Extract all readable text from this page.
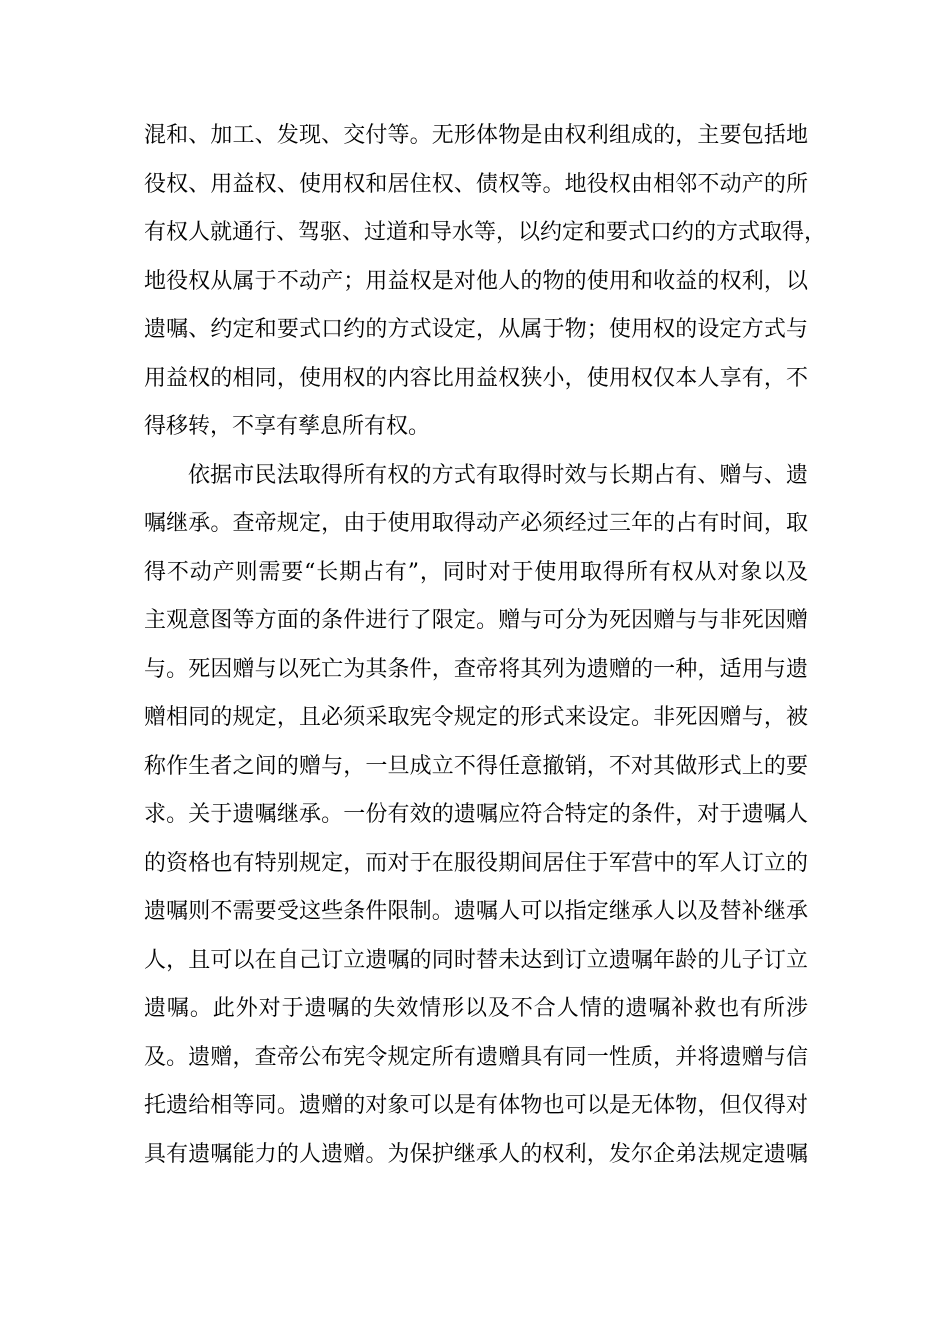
混和、加工、发现、交付等。无形体物是由权利组成的，主要包括地
役权、用益权、使用权和居住权、债权等。地役权由相邻不动产的所
有权人就通行、驾驱、过道和导水等，以约定和要式口约的方式取得，
地役权从属于不动产；用益权是对他人的物的使用和收益的权利，以
遗嘱、约定和要式口约的方式设定，从属于物；使用权的设定方式与
用益权的相同，使用权的内容比用益权狭小，使用权仅本人享有，不
得移转，不享有孳息所有权。
依据市民法取得所有权的方式有取得时效与长期占有、赠与、遗
嘱继承。查帝规定，由于使用取得动产必须经过三年的占有时间，取
得不动产则需要“长期占有”，同时对于使用取得所有权从对象以及
主观意图等方面的条件进行了限定。赠与可分为死因赠与与非死因赠
与。死因赠与以死亡为其条件，查帝将其列为遗赠的一种，适用与遗
赠相同的规定，且必须采取宪令规定的形式来设定。非死因赠与，被
称作生者之间的赠与，一旦成立不得任意撤销，不对其做形式上的要
求。关于遗嘱继承。一份有效的遗嘱应符合特定的条件，对于遗嘱人
的资格也有特别规定，而对于在服役期间居住于军营中的军人订立的
遗嘱则不需要受这些条件限制。遗嘱人可以指定继承人以及替补继承
人，且可以在自己订立遗嘱的同时替未达到订立遗嘱年龄的儿子订立
遗嘱。此外对于遗嘱的失效情形以及不合人情的遗嘱补救也有所涉
及。遗赠，查帝公布宪令规定所有遗赠具有同一性质，并将遗赠与信
托遗给相等同。遗赠的对象可以是有体物也可以是无体物，但仅得对
具有遗嘱能力的人遗赠。为保护继承人的权利，发尔企弟法规定遗嘱
